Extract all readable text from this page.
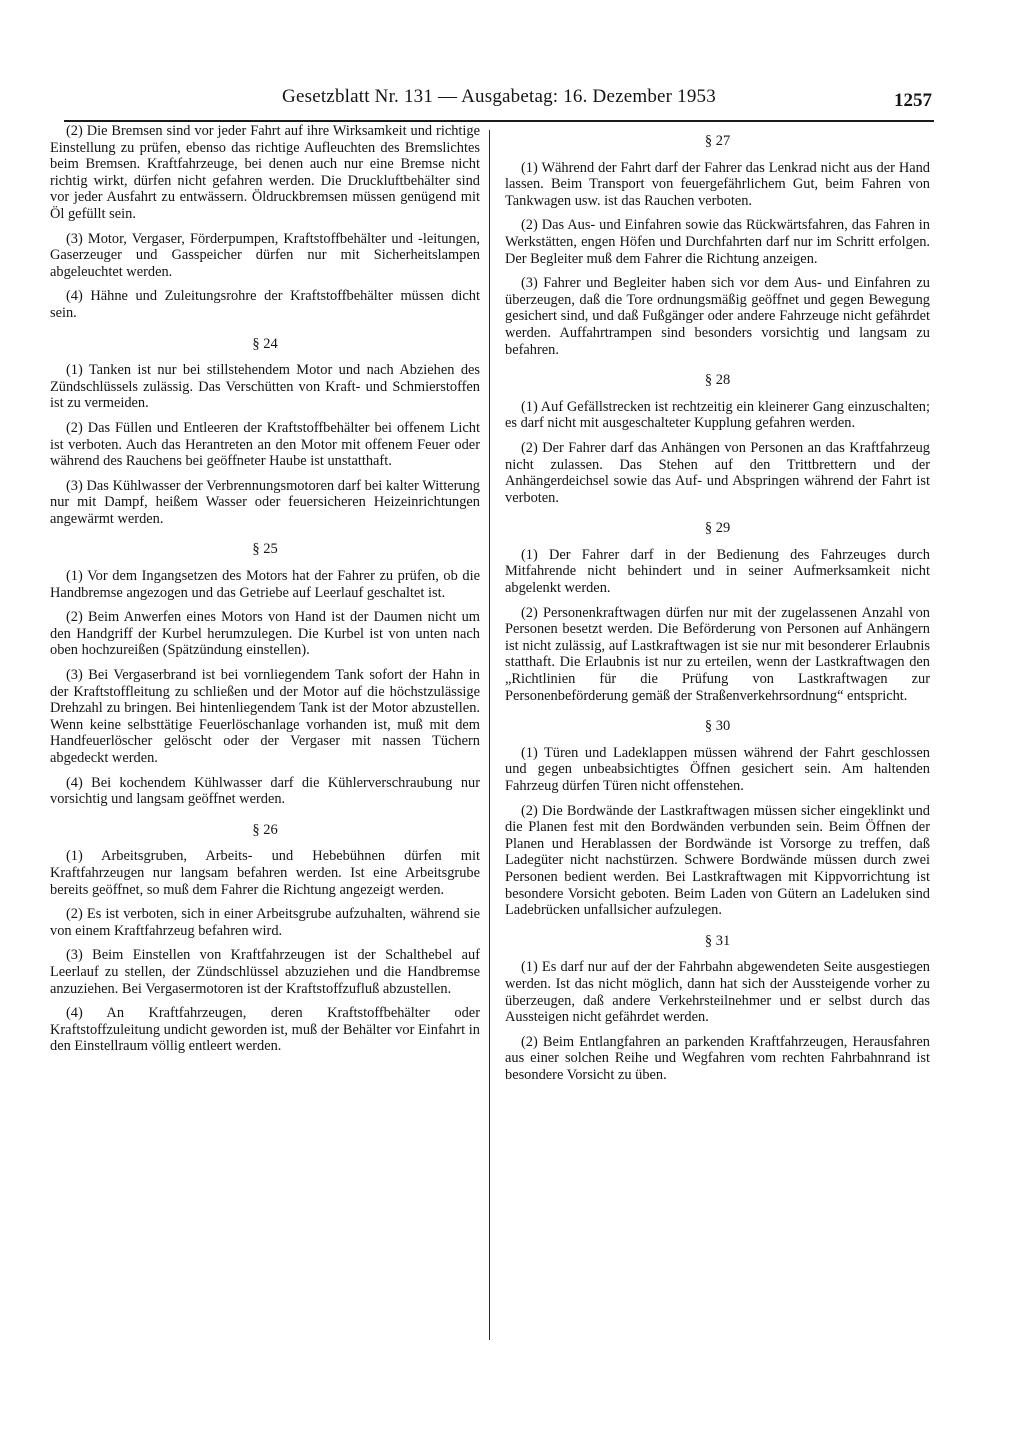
Gesetzblatt Nr. 131 — Ausgabetag: 16. Dezember 1953	1257

(2) Die Bremsen sind vor jeder Fahrt auf ihre Wirksamkeit und richtige Einstellung zu prüfen, ebenso das richtige Aufleuchten des Bremslichtes beim Bremsen. Kraftfahrzeuge, bei denen auch nur eine Bremse nicht richtig wirkt, dürfen nicht gefahren werden. Die Druckluftbehälter sind vor jeder Ausfahrt zu entwässern. Öldruckbremsen müssen genügend mit Öl gefüllt sein.

(3) Motor, Vergaser, Förderpumpen, Kraftstoffbehälter und -leitungen, Gaserzeuger und Gasspeicher dürfen nur mit Sicherheitslampen abgeleuchtet werden.

(4) Hähne und Zuleitungsrohre der Kraftstoffbehälter müssen dicht sein.

§ 24

(1) Tanken ist nur bei stillstehendem Motor und nach Abziehen des Zündschlüssels zulässig. Das Verschütten von Kraft- und Schmierstoffen ist zu vermeiden.

(2) Das Füllen und Entleeren der Kraftstoffbehälter bei offenem Licht ist verboten. Auch das Herantreten an den Motor mit offenem Feuer oder während des Rauchens bei geöffneter Haube ist unstatthaft.

(3) Das Kühlwasser der Verbrennungsmotoren darf bei kalter Witterung nur mit Dampf, heißem Wasser oder feuersicheren Heizeinrichtungen angewärmt werden.

§ 25

(1) Vor dem Ingangsetzen des Motors hat der Fahrer zu prüfen, ob die Handbremse angezogen und das Getriebe auf Leerlauf geschaltet ist.

(2) Beim Anwerfen eines Motors von Hand ist der Daumen nicht um den Handgriff der Kurbel herumzulegen. Die Kurbel ist von unten nach oben hochzureißen (Spätzündung einstellen).

(3) Bei Vergaserbrand ist bei vornliegendem Tank sofort der Hahn in der Kraftstoffleitung zu schließen und der Motor auf die höchstzulässige Drehzahl zu bringen. Bei hintenliegendem Tank ist der Motor abzustellen. Wenn keine selbsttätige Feuerlöschanlage vorhanden ist, muß mit dem Handfeuerlöscher gelöscht oder der Vergaser mit nassen Tüchern abgedeckt werden.

(4) Bei kochendem Kühlwasser darf die Kühlerverschraubung nur vorsichtig und langsam geöffnet werden.

§ 26

(1) Arbeitsgruben, Arbeits- und Hebebühnen dürfen mit Kraftfahrzeugen nur langsam befahren werden. Ist eine Arbeitsgrube bereits geöffnet, so muß dem Fahrer die Richtung angezeigt werden.

(2) Es ist verboten, sich in einer Arbeitsgrube aufzuhalten, während sie von einem Kraftfahrzeug befahren wird.

(3) Beim Einstellen von Kraftfahrzeugen ist der Schalthebel auf Leerlauf zu stellen, der Zündschlüssel abzuziehen und die Handbremse anzuziehen. Bei Vergasermotoren ist der Kraftstoffzufluß abzustellen.

(4) An Kraftfahrzeugen, deren Kraftstoffbehälter oder Kraftstoffzuleitung undicht geworden ist, muß der Behälter vor Einfahrt in den Einstellraum völlig entleert werden.

§ 27

(1) Während der Fahrt darf der Fahrer das Lenkrad nicht aus der Hand lassen. Beim Transport von feuergefährlichem Gut, beim Fahren von Tankwagen usw. ist das Rauchen verboten.

(2) Das Aus- und Einfahren sowie das Rückwärtsfahren, das Fahren in Werkstätten, engen Höfen und Durchfahrten darf nur im Schritt erfolgen. Der Begleiter muß dem Fahrer die Richtung anzeigen.

(3) Fahrer und Begleiter haben sich vor dem Aus- und Einfahren zu überzeugen, daß die Tore ordnungsmäßig geöffnet und gegen Bewegung gesichert sind, und daß Fußgänger oder andere Fahrzeuge nicht gefährdet werden. Auffahrtrampen sind besonders vorsichtig und langsam zu befahren.

§ 28

(1) Auf Gefällstrecken ist rechtzeitig ein kleinerer Gang einzuschalten; es darf nicht mit ausgeschalteter Kupplung gefahren werden.

(2) Der Fahrer darf das Anhängen von Personen an das Kraftfahrzeug nicht zulassen. Das Stehen auf den Trittbrettern und der Anhängerdeichsel sowie das Auf- und Abspringen während der Fahrt ist verboten.

§ 29

(1) Der Fahrer darf in der Bedienung des Fahrzeuges durch Mitfahrende nicht behindert und in seiner Aufmerksamkeit nicht abgelenkt werden.

(2) Personenkraftwagen dürfen nur mit der zugelassenen Anzahl von Personen besetzt werden. Die Beförderung von Personen auf Anhängern ist nicht zulässig, auf Lastkraftwagen ist sie nur mit besonderer Erlaubnis statthaft. Die Erlaubnis ist nur zu erteilen, wenn der Lastkraftwagen den „Richtlinien für die Prüfung von Lastkraftwagen zur Personenbeförderung gemäß der Straßenverkehrsordnung“ entspricht.

§ 30

(1) Türen und Ladeklappen müssen während der Fahrt geschlossen und gegen unbeabsichtigtes Öffnen gesichert sein. Am haltenden Fahrzeug dürfen Türen nicht offenstehen.

(2) Die Bordwände der Lastkraftwagen müssen sicher eingeklinkt und die Planen fest mit den Bordwänden verbunden sein. Beim Öffnen der Planen und Herablassen der Bordwände ist Vorsorge zu treffen, daß Ladegüter nicht nachstürzen. Schwere Bordwände müssen durch zwei Personen bedient werden. Bei Lastkraftwagen mit Kippvorrichtung ist besondere Vorsicht geboten. Beim Laden von Gütern an Ladeluken sind Ladebrücken unfallsicher aufzulegen.

§ 31

(1) Es darf nur auf der der Fahrbahn abgewendeten Seite ausgestiegen werden. Ist das nicht möglich, dann hat sich der Aussteigende vorher zu überzeugen, daß andere Verkehrsteilnehmer und er selbst durch das Aussteigen nicht gefährdet werden.

(2) Beim Entlangfahren an parkenden Kraftfahrzeugen, Herausfahren aus einer solchen Reihe und Wegfahren vom rechten Fahrbahnrand ist besondere Vorsicht zu üben.
